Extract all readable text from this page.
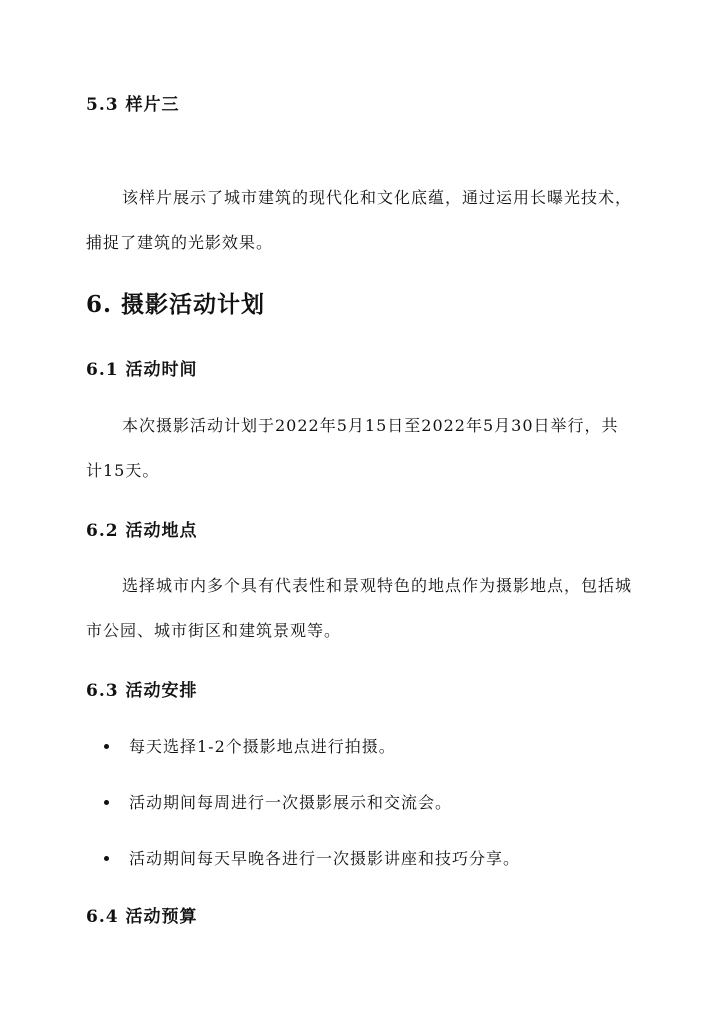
5.3 样片三
该样片展示了城市建筑的现代化和文化底蕴，通过运用长曝光技术，捕捉了建筑的光影效果。
6. 摄影活动计划
6.1 活动时间
本次摄影活动计划于2022年5月15日至2022年5月30日举行，共计15天。
6.2 活动地点
选择城市内多个具有代表性和景观特色的地点作为摄影地点，包括城市公园、城市街区和建筑景观等。
6.3 活动安排
每天选择1-2个摄影地点进行拍摄。
活动期间每周进行一次摄影展示和交流会。
活动期间每天早晚各进行一次摄影讲座和技巧分享。
6.4 活动预算
